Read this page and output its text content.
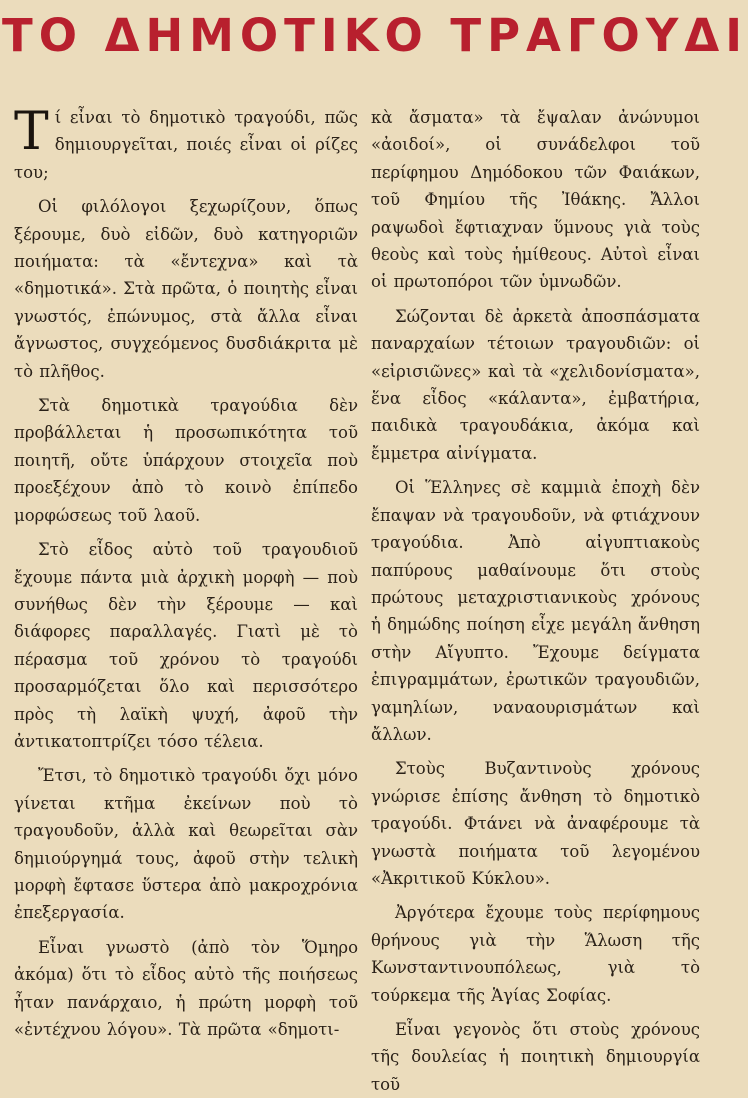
ΤΟ ΔΗΜΟΤΙΚΟ ΤΡΑΓΟΥΔΙ

Τί εἶναι τὸ δημοτικὸ τραγούδι, πῶς δημιουργεῖται, ποιές εἶναι οἱ ρίζες του;

Οἱ φιλόλογοι ξεχωρίζουν, ὅπως ξέρουμε, δυὸ εἰδῶν, δυὸ κατηγοριῶν ποιήματα: τὰ «ἔντεχνα» καὶ τὰ «δημοτικά». Στὰ πρῶτα, ὁ ποιητὴς εἶναι γνωστός, ἐπώνυμος, στὰ ἄλλα εἶναι ἄγνωστος, συγχεόμενος δυσδιάκριτα μὲ τὸ πλῆθος.

Στὰ δημοτικὰ τραγούδια δὲν προβάλλεται ἡ προσωπικότητα τοῦ ποιητῆ, οὔτε ὑπάρχουν στοιχεῖα ποὺ προεξέχουν ἀπὸ τὸ κοινὸ ἐπίπεδο μορφώσεως τοῦ λαοῦ.

Στὸ εἶδος αὐτὸ τοῦ τραγουδιοῦ ἔχουμε πάντα μιὰ ἀρχικὴ μορφὴ — ποὺ συνήθως δὲν τὴν ξέρουμε — καὶ διάφορες παραλλαγές. Γιατὶ μὲ τὸ πέρασμα τοῦ χρόνου τὸ τραγούδι προσαρμόζεται ὅλο καὶ περισσότερο πρὸς τὴ λαϊκὴ ψυχή, ἀφοῦ τὴν ἀντικατοπτρίζει τόσο τέλεια.

Ἔτσι, τὸ δημοτικὸ τραγούδι ὄχι μόνο γίνεται κτῆμα ἐκείνων ποὺ τὸ τραγουδοῦν, ἀλλὰ καὶ θεωρεῖται σὰν δημιούργημά τους, ἀφοῦ στὴν τελικὴ μορφὴ ἔφτασε ὕστερα ἀπὸ μακροχρόνια ἐπεξεργασία.

Εἶναι γνωστὸ (ἀπὸ τὸν Ὅμηρο ἀκόμα) ὅτι τὸ εἶδος αὐτὸ τῆς ποιήσεως ἦταν πανάρχαιο, ἡ πρώτη μορφὴ τοῦ «ἐντέχνου λόγου». Τὰ πρῶτα «δημοτι-

κὰ ἄσματα» τὰ ἔψαλαν ἀνώνυμοι «ἀοιδοί», οἱ συνάδελφοι τοῦ περίφημου Δημόδοκου τῶν Φαιάκων, τοῦ Φημίου τῆς Ἰθάκης. Ἄλλοι ραψωδοὶ ἔφτιαχναν ὕμνους γιὰ τοὺς θεοὺς καὶ τοὺς ἡμίθεους. Αὐτοὶ εἶναι οἱ πρωτοπόροι τῶν ὑμνωδῶν.

Σώζονται δὲ ἀρκετὰ ἀποσπάσματα παναρχαίων τέτοιων τραγουδιῶν: οἱ «εἰρισιῶνες» καὶ τὰ «χελιδονίσματα», ἕνα εἶδος «κάλαντα», ἐμβατήρια, παιδικὰ τραγουδάκια, ἀκόμα καὶ ἔμμετρα αἰνίγματα.

Οἱ Ἕλληνες σὲ καμμιὰ ἐποχὴ δὲν ἔπαψαν νὰ τραγουδοῦν, νὰ φτιάχνουν τραγούδια. Ἀπὸ αἰγυπτιακοὺς παπύρους μαθαίνουμε ὅτι στοὺς πρώτους μεταχριστιανικοὺς χρόνους ἡ δημώδης ποίηση εἶχε μεγάλη ἄνθηση στὴν Αἴγυπτο. Ἔχουμε δείγματα ἐπιγραμμάτων, ἐρωτικῶν τραγουδιῶν, γαμηλίων, ναναουρισμάτων καὶ ἄλλων.

Στοὺς Βυζαντινοὺς χρόνους γνώρισε ἐπίσης ἄνθηση τὸ δημοτικὸ τραγούδι. Φτάνει νὰ ἀναφέρουμε τὰ γνωστὰ ποιήματα τοῦ λεγομένου «Ἀκριτικοῦ Κύκλου».

Ἀργότερα ἔχουμε τοὺς περίφημους θρήνους γιὰ τὴν Ἅλωση τῆς Κωνσταντινουπόλεως, γιὰ τὸ τούρκεμα τῆς Ἁγίας Σοφίας.

Εἶναι γεγονὸς ὅτι στοὺς χρόνους τῆς δουλείας ἡ ποιητικὴ δημιουργία τοῦ
